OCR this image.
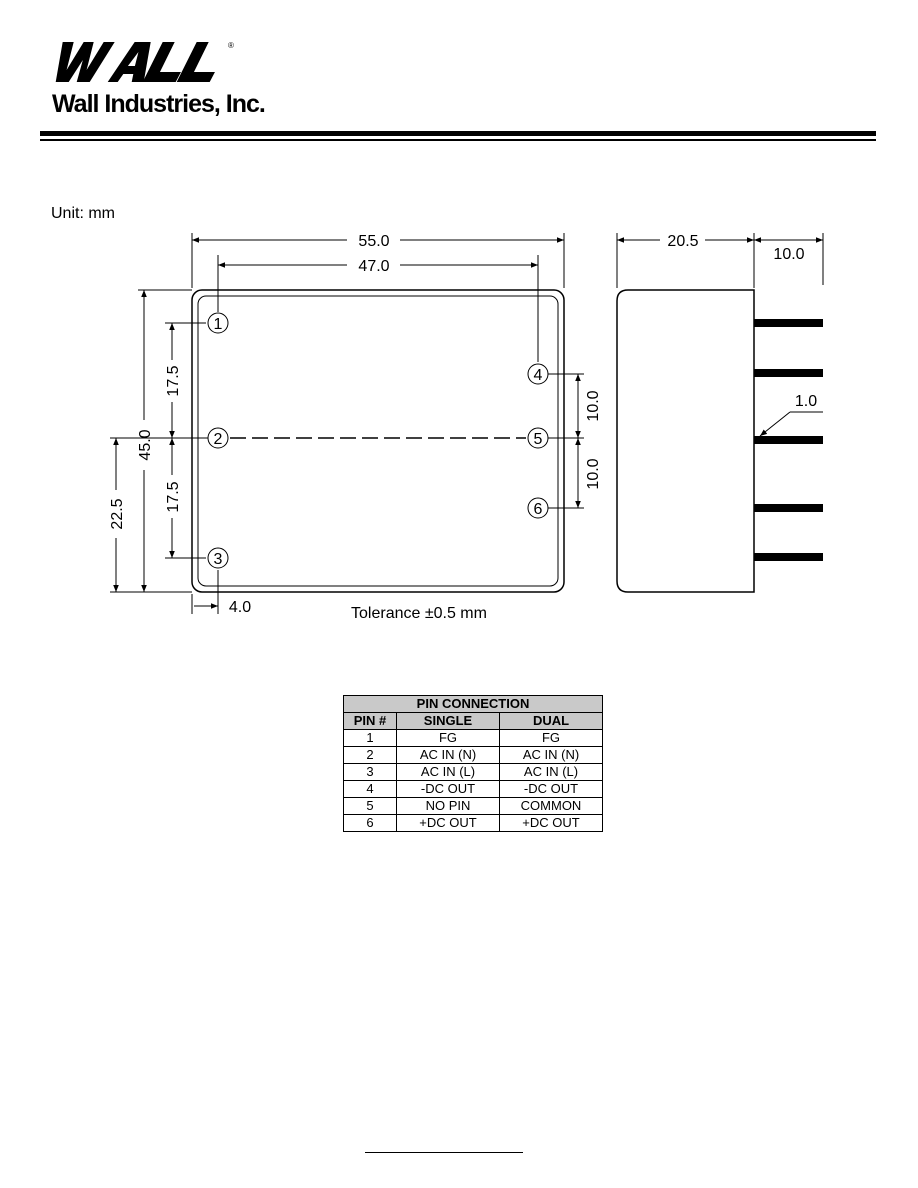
®
Wall Industries, Inc.
Unit: mm
1
2
3
4
5
6
55.0
47.0
20.5
10.0
1.0
4.0	Tolerance ±0.5 mm
45.0
22.5
17.5
17.5
10.0
10.0
PIN CONNECTION		
PIN #	SINGLE	DUAL
1	FG	FG
2	AC IN (N)	AC IN (N)
3	AC IN (L)	AC IN (L)
4	-DC OUT	-DC OUT
5	NO PIN	COMMON
6	+DC OUT	+DC OUT
